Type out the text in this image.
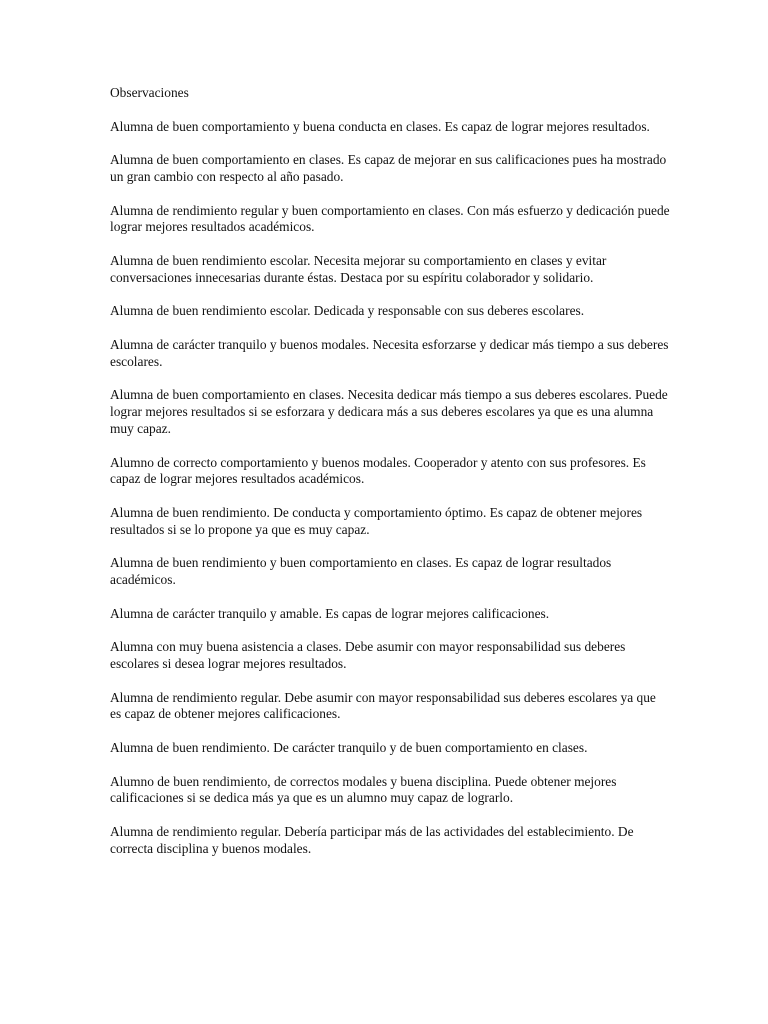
Observaciones

Alumna de buen comportamiento y buena conducta en clases. Es capaz de lograr mejores resultados.

Alumna de buen comportamiento en clases. Es capaz de mejorar en sus calificaciones pues ha mostrado un gran cambio con respecto al año pasado.

Alumna de rendimiento regular y buen comportamiento en clases. Con más esfuerzo y dedicación puede lograr mejores resultados académicos.

Alumna de buen rendimiento escolar. Necesita mejorar su comportamiento en clases y evitar conversaciones innecesarias durante éstas. Destaca por su espíritu colaborador y solidario.

Alumna de buen rendimiento escolar. Dedicada y responsable con sus deberes escolares.

Alumna de carácter tranquilo y buenos modales. Necesita esforzarse y dedicar más tiempo a sus deberes escolares.

Alumna de buen comportamiento en clases. Necesita dedicar más tiempo a sus deberes escolares. Puede lograr mejores resultados si se esforzara y dedicara más a sus deberes escolares ya que es una alumna muy capaz.

Alumno de correcto comportamiento y buenos modales. Cooperador y atento con sus profesores. Es capaz de lograr mejores resultados académicos.

Alumna de buen rendimiento. De conducta y comportamiento óptimo. Es capaz de obtener mejores resultados si se lo propone ya que es muy capaz.

Alumna de buen rendimiento y buen comportamiento en clases. Es capaz de lograr resultados académicos.

Alumna de carácter tranquilo y amable. Es capas de lograr mejores calificaciones.

Alumna con muy buena asistencia a clases. Debe asumir con mayor responsabilidad sus deberes escolares si desea lograr mejores resultados.

Alumna de rendimiento regular. Debe asumir con mayor responsabilidad sus deberes escolares ya que es capaz de obtener mejores calificaciones.

Alumna de buen rendimiento. De carácter tranquilo y de buen comportamiento en clases.

Alumno de buen rendimiento, de correctos modales y buena disciplina. Puede obtener mejores calificaciones si se dedica más ya que es un alumno muy capaz de lograrlo.

Alumna de rendimiento regular. Debería participar más de las actividades del establecimiento. De correcta disciplina y buenos modales.
